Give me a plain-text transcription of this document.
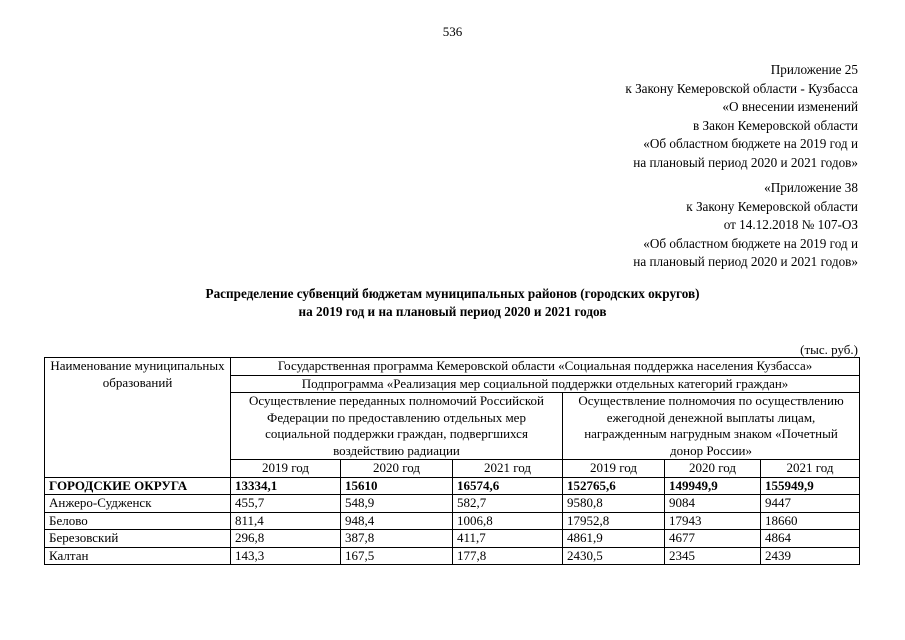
536
Приложение 25
к Закону Кемеровской области - Кузбасса
«О внесении изменений
в Закон Кемеровской области
«Об областном бюджете на 2019 год и
на плановый период 2020 и 2021 годов»
«Приложение 38
к Закону Кемеровской области
от 14.12.2018 № 107-ОЗ
«Об областном бюджете на 2019 год и
на плановый период 2020 и 2021 годов»
Распределение субвенций бюджетам муниципальных районов (городских округов)
на 2019 год и на плановый период 2020 и 2021 годов
(тыс. руб.)
Наименование муниципальных образований	Государственная программа Кемеровской области «Социальная поддержка населения Кузбасса»					
	Подпрограмма «Реализация мер социальной поддержки отдельных категорий граждан»					
	Осуществление переданных полномочий Российской Федерации по предоставлению отдельных мер социальной поддержки граждан, подвергшихся воздействию радиации			Осуществление полномочия по осуществлению ежегодной денежной выплаты лицам, награжденным нагрудным знаком «Почетный донор России»		
	2019 год	2020 год	2021 год	2019 год	2020 год	2021 год
ГОРОДСКИЕ ОКРУГА	13334,1	15610	16574,6	152765,6	149949,9	155949,9
Анжеро-Судженск	455,7	548,9	582,7	9580,8	9084	9447
Белово	811,4	948,4	1006,8	17952,8	17943	18660
Березовский	296,8	387,8	411,7	4861,9	4677	4864
Калтан	143,3	167,5	177,8	2430,5	2345	2439
